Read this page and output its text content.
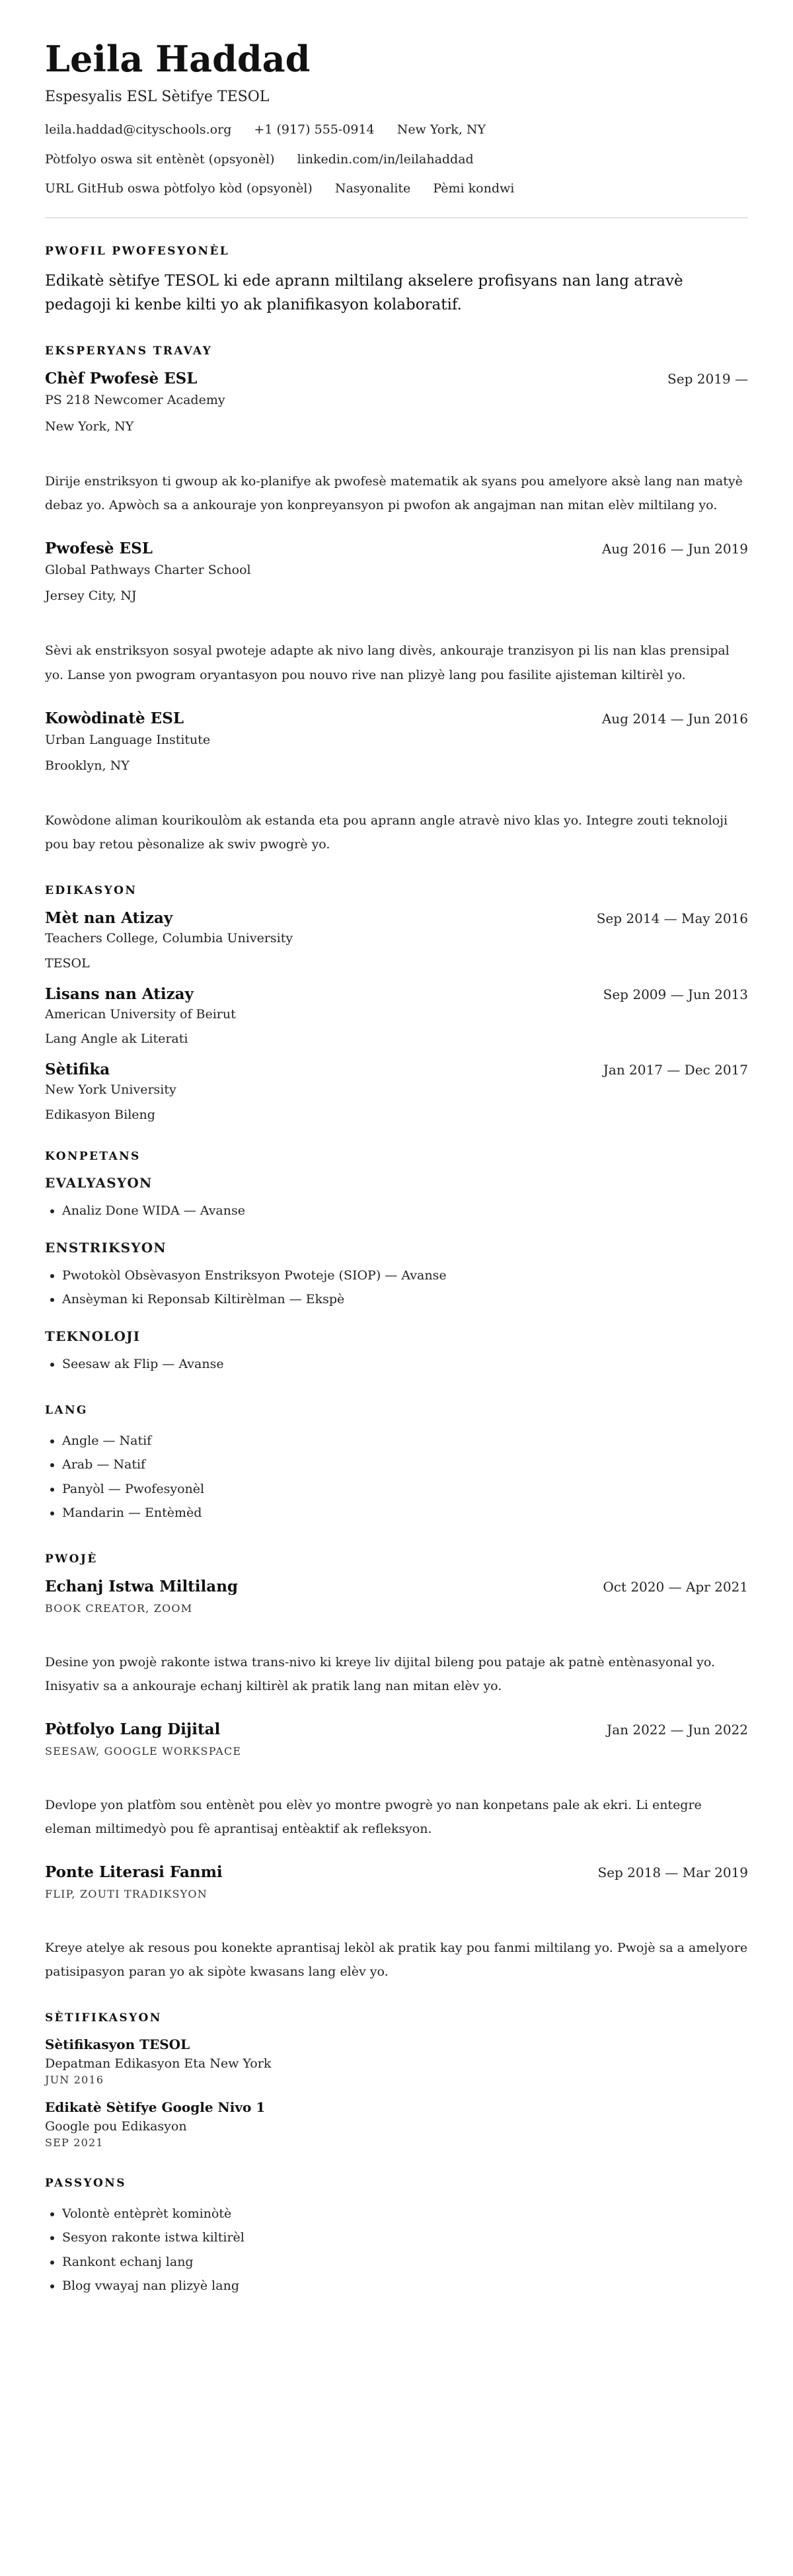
Leila Haddad
Espesyalis ESL Sètifye TESOL
leila.haddad@cityschools.org +1 (917) 555-0914 New York, NY
Pòtfolyo oswa sit entènèt (opsyonèl) linkedin.com/in/leilahaddad
URL GitHub oswa pòtfolyo kòd (opsyonèl) Nasyonalite Pèmi kondwi
PWOFIL PWOFESYONÈL

Edikatè sètifye TESOL ki ede aprann miltilang akselere profisyans nan lang atravè pedagoji ki kenbe kilti yo ak planifikasyon kolaboratif.

EKSPERYANS TRAVAY
Chèf Pwofesè ESL	Sep 2019 —
PS 218 Newcomer Academy
New York, NY

Dirije enstriksyon ti gwoup ak ko-planifye ak pwofesè matematik ak syans pou amelyore aksè lang nan matyè debaz yo. Apwòch sa a ankouraje yon konpreyansyon pi pwofon ak angajman nan mitan elèv miltilang yo.

Pwofesè ESL	Aug 2016 — Jun 2019
Global Pathways Charter School
Jersey City, NJ

Sèvi ak enstriksyon sosyal pwoteje adapte ak nivo lang divès, ankouraje tranzisyon pi lis nan klas prensipal yo. Lanse yon pwogram oryantasyon pou nouvo rive nan plizyè lang pou fasilite ajisteman kiltirèl yo.

Kowòdinatè ESL	Aug 2014 — Jun 2016
Urban Language Institute
Brooklyn, NY

Kowòdone aliman kourikoulòm ak estanda eta pou aprann angle atravè nivo klas yo. Integre zouti teknoloji pou bay retou pèsonalize ak swiv pwogrè yo.

EDIKASYON
Mèt nan Atizay	Sep 2014 — May 2016
Teachers College, Columbia University
TESOL
Lisans nan Atizay	Sep 2009 — Jun 2013
American University of Beirut
Lang Angle ak Literati
Sètifika	Jan 2017 — Dec 2017
New York University
Edikasyon Bileng
KONPETANS
EVALYASYON
• Analiz Done WIDA — Avanse
ENSTRIKSYON
• Pwotokòl Obsèvasyon Enstriksyon Pwoteje (SIOP) — Avanse
• Ansèyman ki Reponsab Kiltirèlman — Ekspè
TEKNOLOJI
• Seesaw ak Flip — Avanse
LANG
• Angle — Natif
• Arab — Natif
• Panyòl — Pwofesyonèl
• Mandarin — Entèmèd
PWOJÈ
Echanj Istwa Miltilang	Oct 2020 — Apr 2021
BOOK CREATOR, ZOOM

Desine yon pwojè rakonte istwa trans-nivo ki kreye liv dijital bileng pou pataje ak patnè entènasyonal yo. Inisyativ sa a ankouraje echanj kiltirèl ak pratik lang nan mitan elèv yo.

Pòtfolyo Lang Dijital	Jan 2022 — Jun 2022
SEESAW, GOOGLE WORKSPACE

Devlope yon platfòm sou entènèt pou elèv yo montre pwogrè yo nan konpetans pale ak ekri. Li entegre eleman miltimedyò pou fè aprantisaj entèaktif ak refleksyon.

Ponte Literasi Fanmi	Sep 2018 — Mar 2019
FLIP, ZOUTI TRADIKSYON

Kreye atelye ak resous pou konekte aprantisaj lekòl ak pratik kay pou fanmi miltilang yo. Pwojè sa a amelyore patisipasyon paran yo ak sipòte kwasans lang elèv yo.

SÈTIFIKASYON
Sètifikasyon TESOL
Depatman Edikasyon Eta New York
JUN 2016
Edikatè Sètifye Google Nivo 1
Google pou Edikasyon
SEP 2021
PASSYONS
• Volontè entèprèt kominòtè
• Sesyon rakonte istwa kiltirèl
• Rankont echanj lang
• Blog vwayaj nan plizyè lang
